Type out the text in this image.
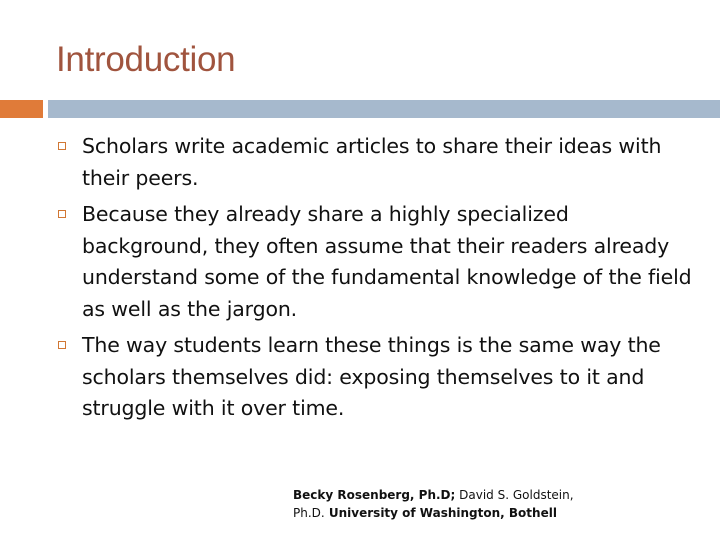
Introduction
Scholars write academic articles to share their ideas with their peers.
Because they already share a highly specialized background, they often assume that their readers already understand some of the fundamental knowledge of the field as well as the jargon.
The way students learn these things is the same way the scholars themselves did: exposing themselves to it and struggle with it over time.
Becky Rosenberg, Ph.D; David S. Goldstein,
Ph.D. University of Washington, Bothell
